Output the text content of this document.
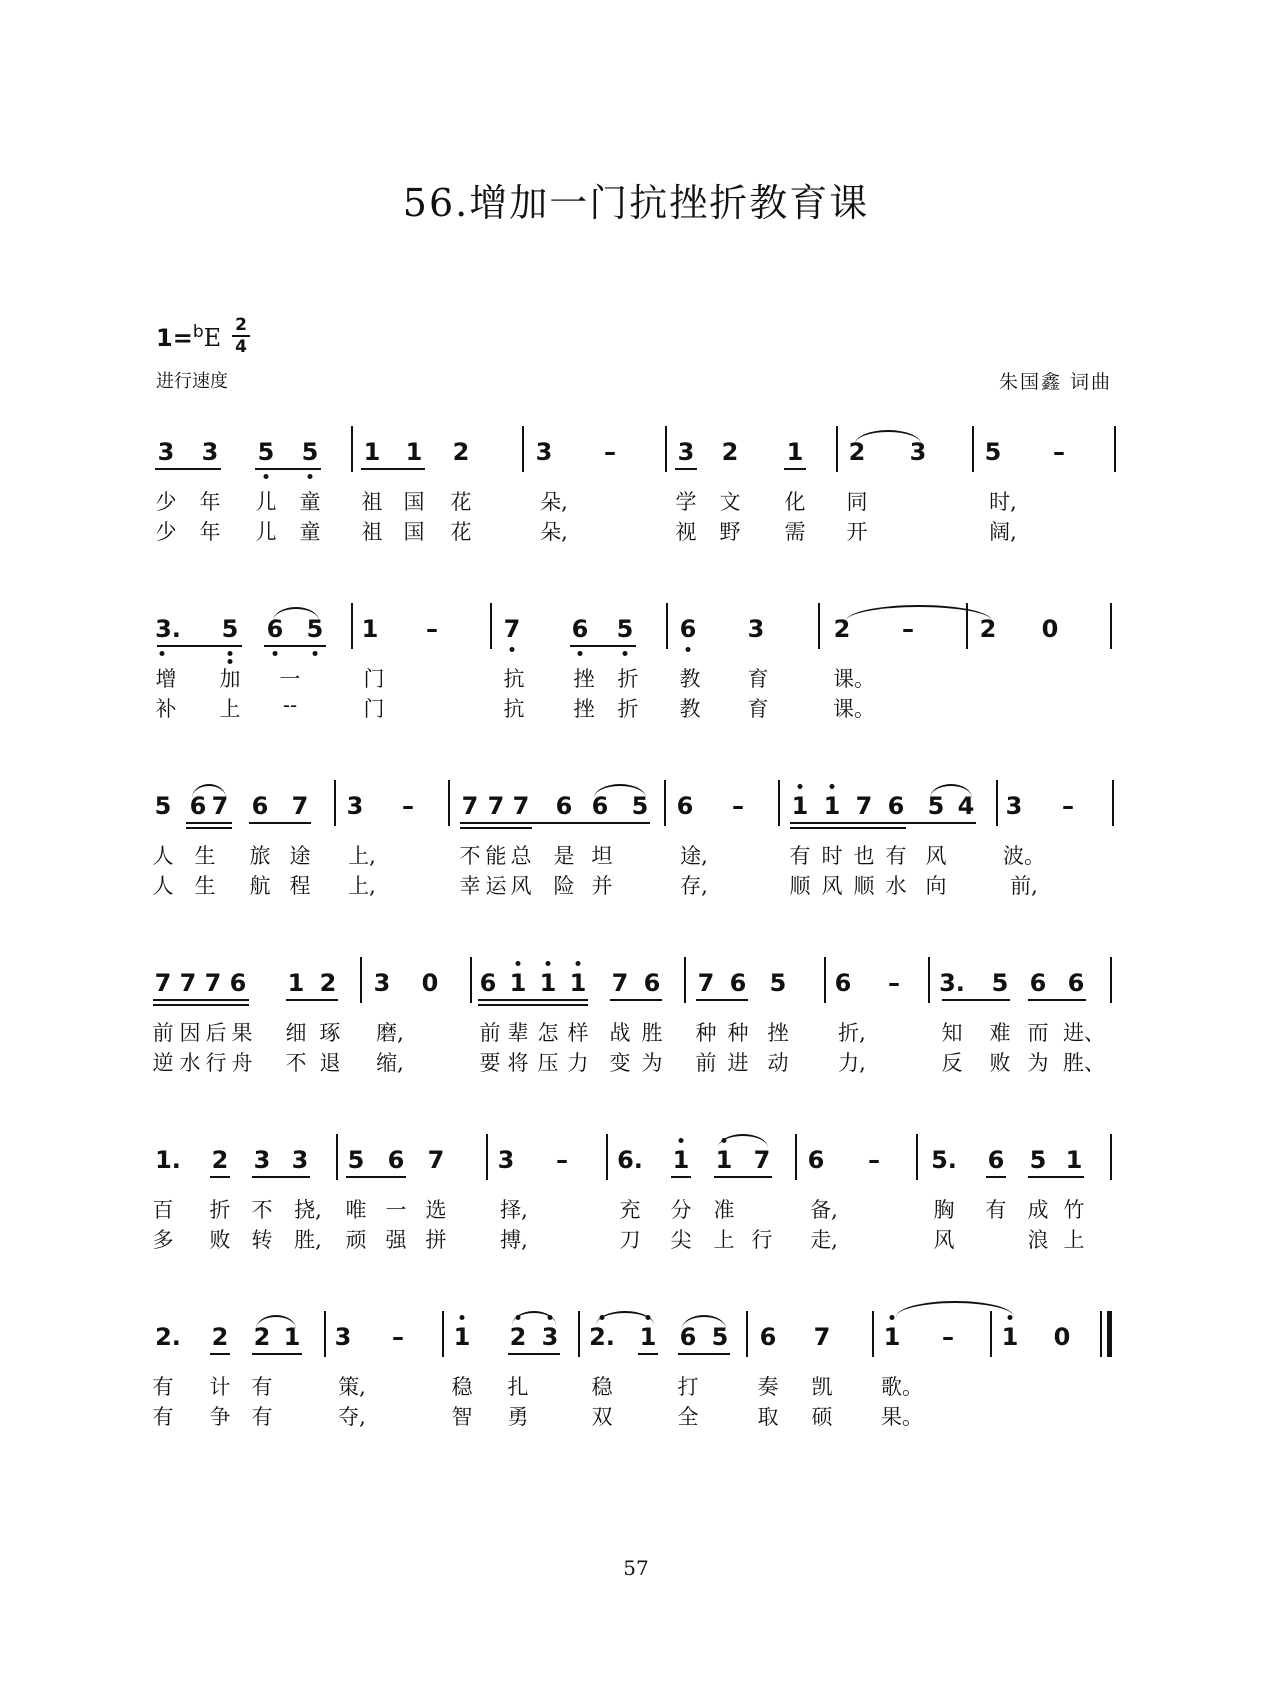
56.增加一门抗挫折教育课
1=$^b$E 2
4
进行速度	朱国鑫 词曲
3 3 5 5 1 1 2	3 –	3 2 1 2 3 5 –
少 年 儿 童 祖 国 花	朵,	学 文 化 同	时,
少 年 儿 童 祖 国 花	朵,	视 野 需 开	阔,
3. 5 6 5 1 –	7 6 5 6 3	2 –	2 0
增 加 一	门	抗 挫 折 教 育	课。
补 上 --	门	抗 挫 折 教 育	课。
5 6 7 6 7 3 – 7 7 7 6 6 5 6 – 1 1 7 6 5 4 3 –
人 生 旅 途 上,	不 能 总 是 坦	途,	有 时 也 有 风	波。
人 生 航 程 上,	幸 运 风 险 并	存,	顺 风 顺 水 向	前,
7 7 7 6 1 2 3 0 6 1 1 1 7 6 7 6 5 6 – 3. 5 6 6
前 因 后 果 细 琢 磨,	前 辈 怎 样 战 胜 种 种 挫 折,	知 难 而 进、
逆 水 行 舟 不 退 缩,	要 将 压 力 变 为 前 进 动 力,	反 败 为 胜、
1. 2 3 3 5 6 7 3 – 6. 1 1 7 6 – 5. 6 5 1
百 折 不 挠, 唯 一 选	择,	充 分 准	备,	胸 有 成 竹
多 败 转 胜, 顽 强 拼	搏,	刀 尖 上 行 走,	风	浪 上
2. 2 2 1 3 – 1 2 3 2. 1 6 5 6 7 1 – 1 0
有 计 有	策,	稳 扎	稳	打	奏 凯 歌。
有 争 有	夺,	智 勇	双	全	取 硕 果。
57
